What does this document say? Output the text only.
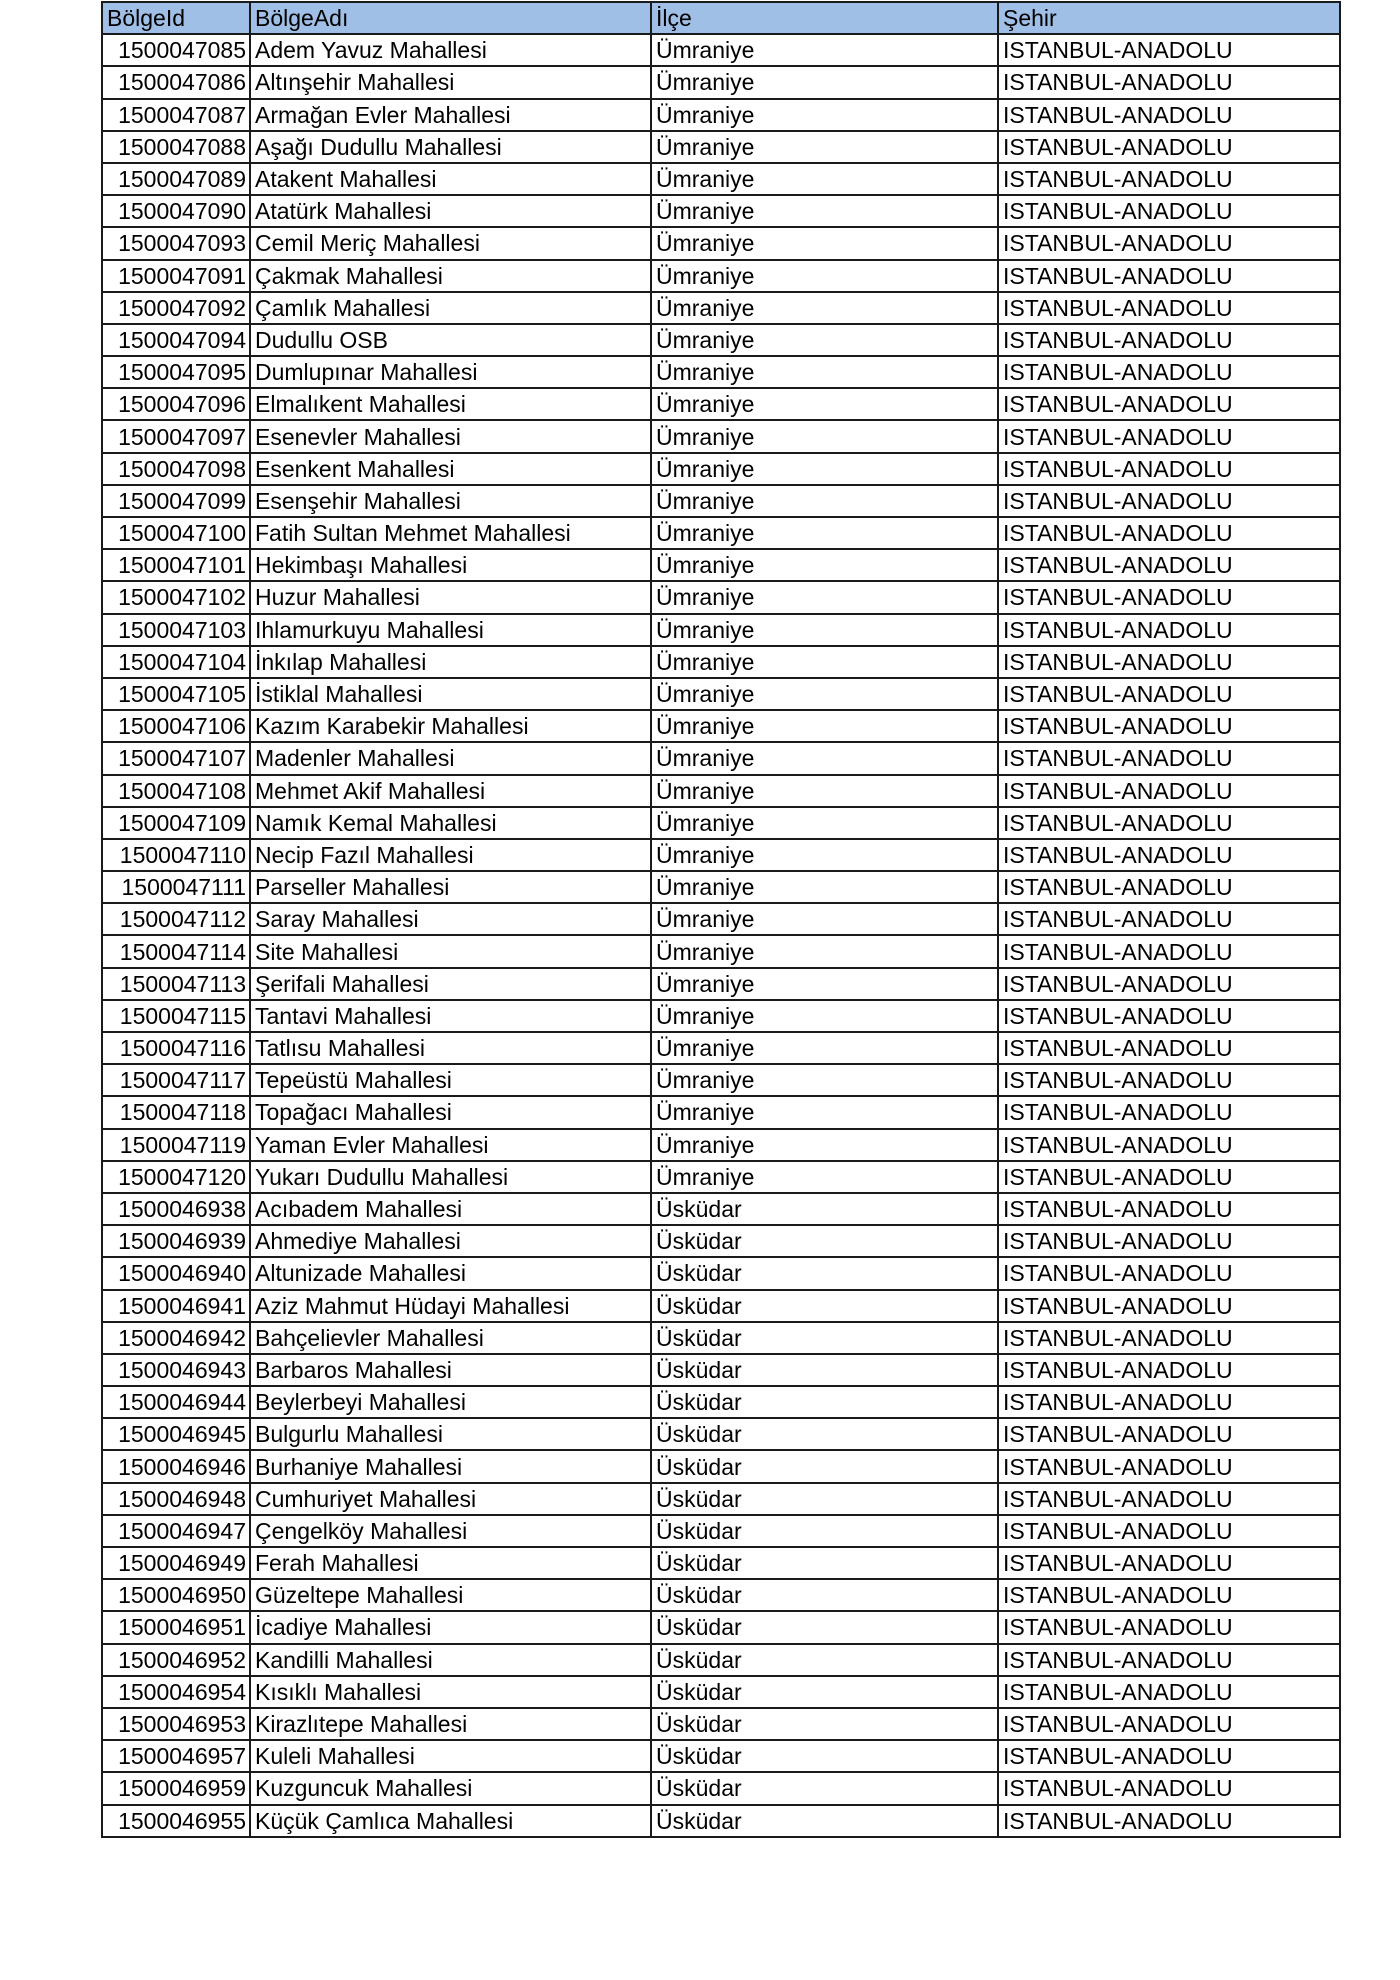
BölgeId	BölgeAdı	İlçe	Şehir
1500047085	Adem Yavuz Mahallesi	Ümraniye	ISTANBUL-ANADOLU
1500047086	Altınşehir Mahallesi	Ümraniye	ISTANBUL-ANADOLU
1500047087	Armağan Evler Mahallesi	Ümraniye	ISTANBUL-ANADOLU
1500047088	Aşağı Dudullu Mahallesi	Ümraniye	ISTANBUL-ANADOLU
1500047089	Atakent Mahallesi	Ümraniye	ISTANBUL-ANADOLU
1500047090	Atatürk Mahallesi	Ümraniye	ISTANBUL-ANADOLU
1500047093	Cemil Meriç Mahallesi	Ümraniye	ISTANBUL-ANADOLU
1500047091	Çakmak Mahallesi	Ümraniye	ISTANBUL-ANADOLU
1500047092	Çamlık Mahallesi	Ümraniye	ISTANBUL-ANADOLU
1500047094	Dudullu OSB	Ümraniye	ISTANBUL-ANADOLU
1500047095	Dumlupınar Mahallesi	Ümraniye	ISTANBUL-ANADOLU
1500047096	Elmalıkent Mahallesi	Ümraniye	ISTANBUL-ANADOLU
1500047097	Esenevler Mahallesi	Ümraniye	ISTANBUL-ANADOLU
1500047098	Esenkent Mahallesi	Ümraniye	ISTANBUL-ANADOLU
1500047099	Esenşehir Mahallesi	Ümraniye	ISTANBUL-ANADOLU
1500047100	Fatih Sultan Mehmet Mahallesi	Ümraniye	ISTANBUL-ANADOLU
1500047101	Hekimbaşı Mahallesi	Ümraniye	ISTANBUL-ANADOLU
1500047102	Huzur Mahallesi	Ümraniye	ISTANBUL-ANADOLU
1500047103	Ihlamurkuyu Mahallesi	Ümraniye	ISTANBUL-ANADOLU
1500047104	İnkılap Mahallesi	Ümraniye	ISTANBUL-ANADOLU
1500047105	İstiklal Mahallesi	Ümraniye	ISTANBUL-ANADOLU
1500047106	Kazım Karabekir Mahallesi	Ümraniye	ISTANBUL-ANADOLU
1500047107	Madenler Mahallesi	Ümraniye	ISTANBUL-ANADOLU
1500047108	Mehmet Akif Mahallesi	Ümraniye	ISTANBUL-ANADOLU
1500047109	Namık Kemal Mahallesi	Ümraniye	ISTANBUL-ANADOLU
1500047110	Necip Fazıl Mahallesi	Ümraniye	ISTANBUL-ANADOLU
1500047111	Parseller Mahallesi	Ümraniye	ISTANBUL-ANADOLU
1500047112	Saray Mahallesi	Ümraniye	ISTANBUL-ANADOLU
1500047114	Site Mahallesi	Ümraniye	ISTANBUL-ANADOLU
1500047113	Şerifali Mahallesi	Ümraniye	ISTANBUL-ANADOLU
1500047115	Tantavi Mahallesi	Ümraniye	ISTANBUL-ANADOLU
1500047116	Tatlısu Mahallesi	Ümraniye	ISTANBUL-ANADOLU
1500047117	Tepeüstü Mahallesi	Ümraniye	ISTANBUL-ANADOLU
1500047118	Topağacı Mahallesi	Ümraniye	ISTANBUL-ANADOLU
1500047119	Yaman Evler Mahallesi	Ümraniye	ISTANBUL-ANADOLU
1500047120	Yukarı Dudullu Mahallesi	Ümraniye	ISTANBUL-ANADOLU
1500046938	Acıbadem Mahallesi	Üsküdar	ISTANBUL-ANADOLU
1500046939	Ahmediye Mahallesi	Üsküdar	ISTANBUL-ANADOLU
1500046940	Altunizade Mahallesi	Üsküdar	ISTANBUL-ANADOLU
1500046941	Aziz Mahmut Hüdayi Mahallesi	Üsküdar	ISTANBUL-ANADOLU
1500046942	Bahçelievler Mahallesi	Üsküdar	ISTANBUL-ANADOLU
1500046943	Barbaros Mahallesi	Üsküdar	ISTANBUL-ANADOLU
1500046944	Beylerbeyi Mahallesi	Üsküdar	ISTANBUL-ANADOLU
1500046945	Bulgurlu Mahallesi	Üsküdar	ISTANBUL-ANADOLU
1500046946	Burhaniye Mahallesi	Üsküdar	ISTANBUL-ANADOLU
1500046948	Cumhuriyet Mahallesi	Üsküdar	ISTANBUL-ANADOLU
1500046947	Çengelköy Mahallesi	Üsküdar	ISTANBUL-ANADOLU
1500046949	Ferah Mahallesi	Üsküdar	ISTANBUL-ANADOLU
1500046950	Güzeltepe Mahallesi	Üsküdar	ISTANBUL-ANADOLU
1500046951	İcadiye Mahallesi	Üsküdar	ISTANBUL-ANADOLU
1500046952	Kandilli Mahallesi	Üsküdar	ISTANBUL-ANADOLU
1500046954	Kısıklı Mahallesi	Üsküdar	ISTANBUL-ANADOLU
1500046953	Kirazlıtepe Mahallesi	Üsküdar	ISTANBUL-ANADOLU
1500046957	Kuleli Mahallesi	Üsküdar	ISTANBUL-ANADOLU
1500046959	Kuzguncuk Mahallesi	Üsküdar	ISTANBUL-ANADOLU
1500046955	Küçük Çamlıca Mahallesi	Üsküdar	ISTANBUL-ANADOLU
